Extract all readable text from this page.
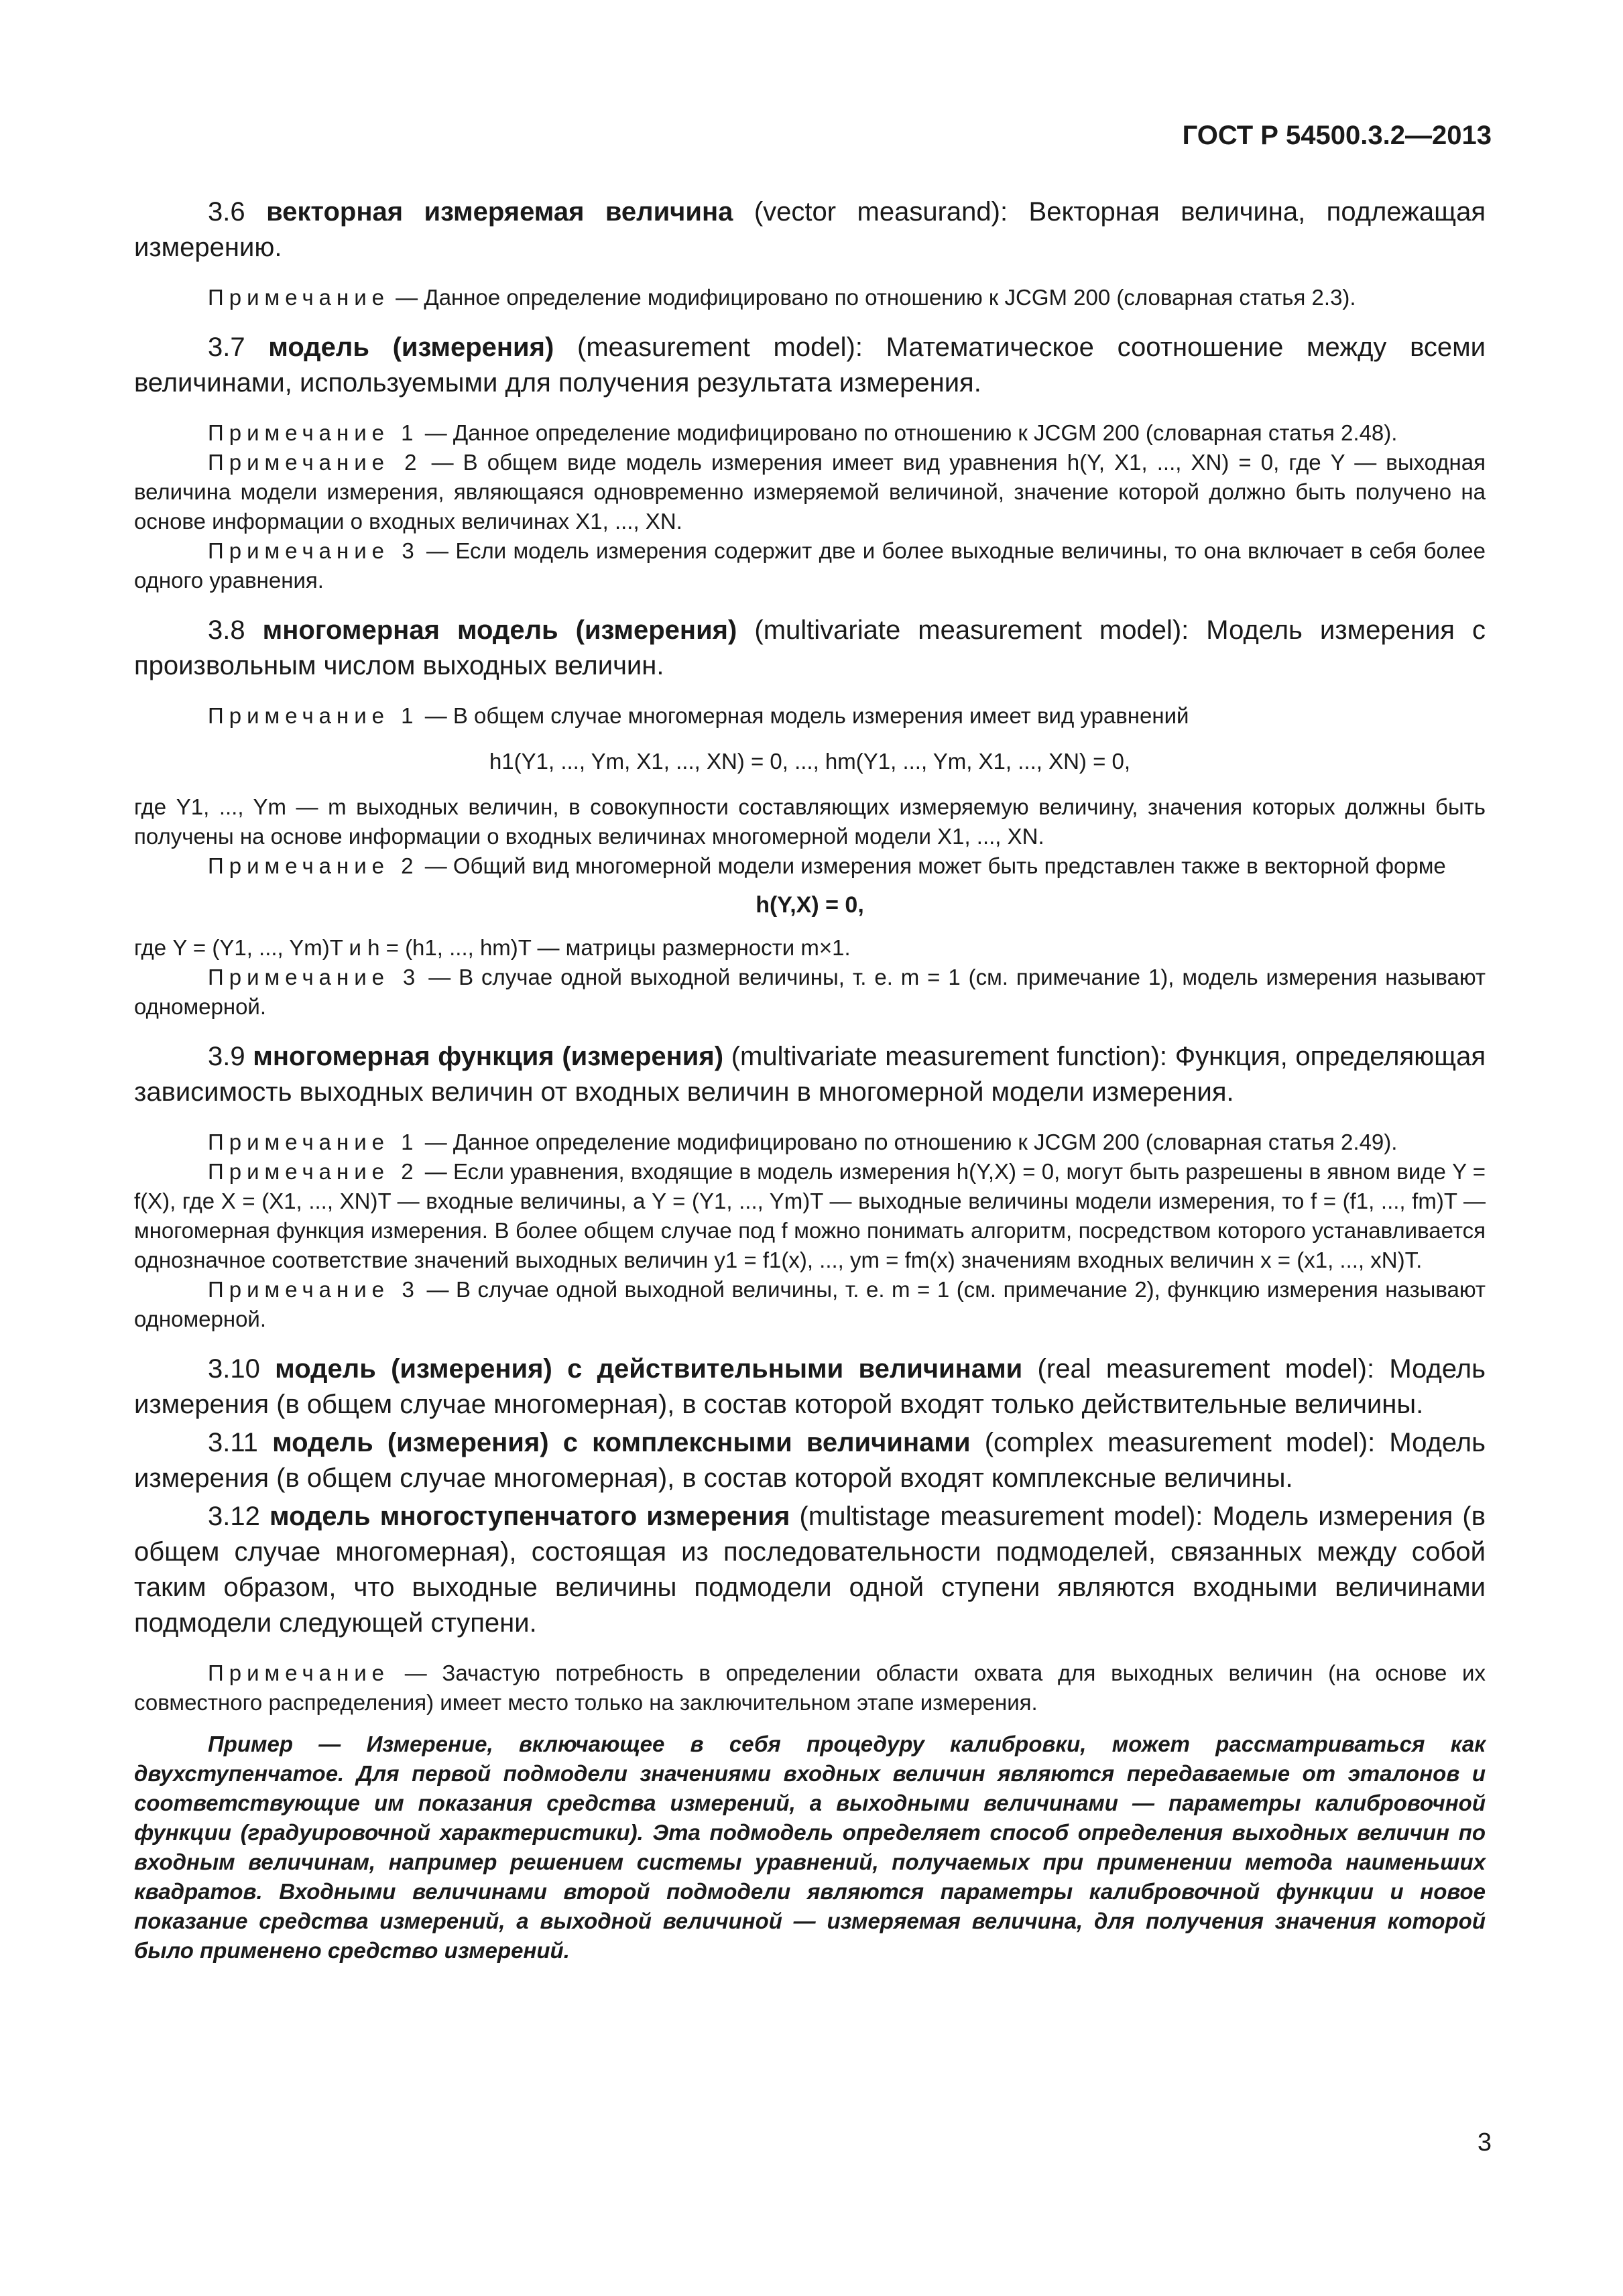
ГОСТ Р 54500.3.2—2013

3.6 векторная измеряемая величина (vector measurand): Векторная величина, подлежащая измерению.

Примечание — Данное определение модифицировано по отношению к JCGM 200 (словарная статья 2.3).

3.7 модель (измерения) (measurement model): Математическое соотношение между всеми величинами, используемыми для получения результата измерения.

Примечание 1 — Данное определение модифицировано по отношению к JCGM 200 (словарная статья 2.48).

Примечание 2 — В общем виде модель измерения имеет вид уравнения h(Y, X1, ..., XN) = 0, где Y — выходная величина модели измерения, являющаяся одновременно измеряемой величиной, значение которой должно быть получено на основе информации о входных величинах X1, ..., XN.

Примечание 3 — Если модель измерения содержит две и более выходные величины, то она включает в себя более одного уравнения.

3.8 многомерная модель (измерения) (multivariate measurement model): Модель измерения с произвольным числом выходных величин.

Примечание 1 — В общем случае многомерная модель измерения имеет вид уравнений

h1(Y1, ..., Ym, X1, ..., XN) = 0, ..., hm(Y1, ..., Ym, X1, ..., XN) = 0,

где Y1, ..., Ym — m выходных величин, в совокупности составляющих измеряемую величину, значения которых должны быть получены на основе информации о входных величинах многомерной модели X1, ..., XN.

Примечание 2 — Общий вид многомерной модели измерения может быть представлен также в векторной форме

h(Y,X) = 0,

где Y = (Y1, ..., Ym)T и h = (h1, ..., hm)T — матрицы размерности m×1.

Примечание 3 — В случае одной выходной величины, т. е. m = 1 (см. примечание 1), модель измерения называют одномерной.

3.9 многомерная функция (измерения) (multivariate measurement function): Функция, определяющая зависимость выходных величин от входных величин в многомерной модели измерения.

Примечание 1 — Данное определение модифицировано по отношению к JCGM 200 (словарная статья 2.49).

Примечание 2 — Если уравнения, входящие в модель измерения h(Y,X) = 0, могут быть разрешены в явном виде Y = f(X), где X = (X1, ..., XN)T — входные величины, а Y = (Y1, ..., Ym)T — выходные величины модели измерения, то f = (f1, ..., fm)T — многомерная функция измерения. В более общем случае под f можно понимать алгоритм, посредством которого устанавливается однозначное соответствие значений выходных величин y1 = f1(x), ..., ym = fm(x) значениям входных величин x = (x1, ..., xN)T.

Примечание 3 — В случае одной выходной величины, т. е. m = 1 (см. примечание 2), функцию измерения называют одномерной.

3.10 модель (измерения) с действительными величинами (real measurement model): Модель измерения (в общем случае многомерная), в состав которой входят только действительные величины.

3.11 модель (измерения) с комплексными величинами (complex measurement model): Модель измерения (в общем случае многомерная), в состав которой входят комплексные величины.

3.12 модель многоступенчатого измерения (multistage measurement model): Модель измерения (в общем случае многомерная), состоящая из последовательности подмоделей, связанных между собой таким образом, что выходные величины подмодели одной ступени являются входными величинами подмодели следующей ступени.

Примечание — Зачастую потребность в определении области охвата для выходных величин (на основе их совместного распределения) имеет место только на заключительном этапе измерения.

Пример — Измерение, включающее в себя процедуру калибровки, может рассматриваться как двухступенчатое. Для первой подмодели значениями входных величин являются передаваемые от эталонов и соответствующие им показания средства измерений, а выходными величинами — параметры калибровочной функции (градуировочной характеристики). Эта подмодель определяет способ определения выходных величин по входным величинам, например решением системы уравнений, получаемых при применении метода наименьших квадратов. Входными величинами второй подмодели являются параметры калибровочной функции и новое показание средства измерений, а выходной величиной — измеряемая величина, для получения значения которой было применено средство измерений.

3
